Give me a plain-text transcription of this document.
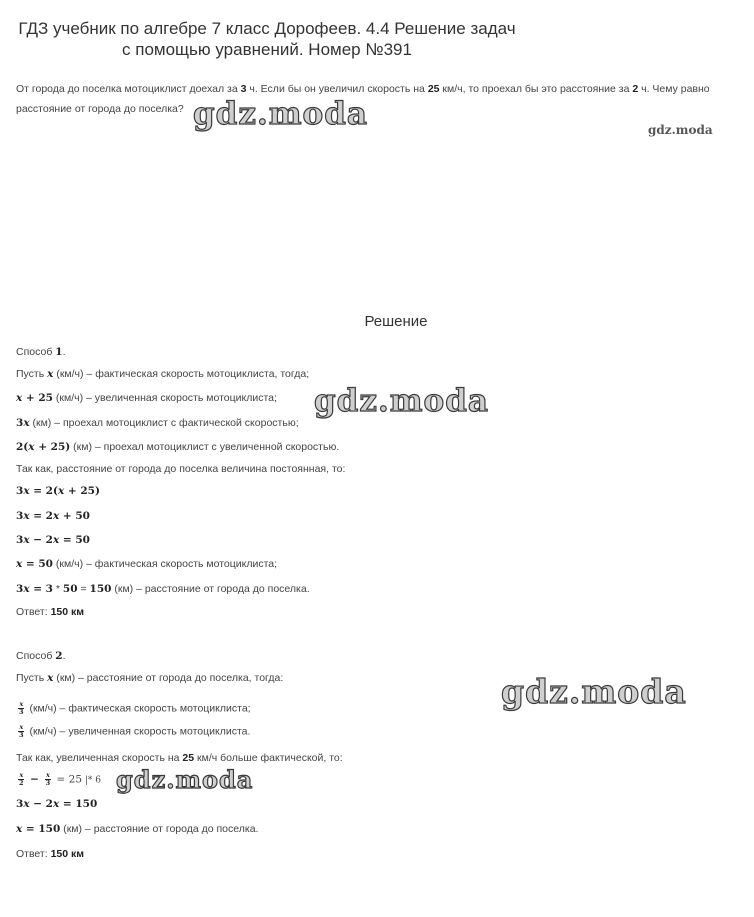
ГДЗ учебник по алгебре 7 класс Дорофеев. 4.4 Решение задач
с помощью уравнений. Номер №391

От города до поселка мотоциклист доехал за 3 ч. Если бы он увеличил скорость на 25 км/ч, то проехал бы это расстояние за 2 ч. Чему равно расстояние от города до поселка? gdz.moda	gdz.moda
Решение

Способ 1.

Пусть x (км/ч) – фактическая скорость мотоциклиста, тогда;

x + 25 (км/ч) – увеличенная скорость мотоциклиста;

3x (км) – проехал мотоциклист с фактической скоростью;

2(x + 25) (км) – проехал мотоциклист с увеличенной скоростью.

Так как, расстояние от города до поселка величина постоянная, то:

3x = 2(x + 25)

3x = 2x + 50

3x − 2x = 50

x = 50 (км/ч) – фактическая скорость мотоциклиста;

3x = 3 * 50 = 150 (км) – расстояние от города до поселка.

Ответ: 150 км

gdz.moda

Способ 2.

Пусть x (км) – расстояние от города до поселка, тогда:

$\frac{x}{3} (км/ч)$ – фактическая скорость мотоциклиста;

$\frac{x}{3} (км/ч)$ – увеличенная скорость мотоциклиста.

Так как, увеличенная скорость на 25 км/ч больше фактической, то:

$\frac{x}{2} - \frac{x}{3} = 25$ |* 6

3x − 2x = 150

x = 150 (км) – расстояние от города до поселка.

Ответ: 150 км

gdz.moda
gdz.moda
